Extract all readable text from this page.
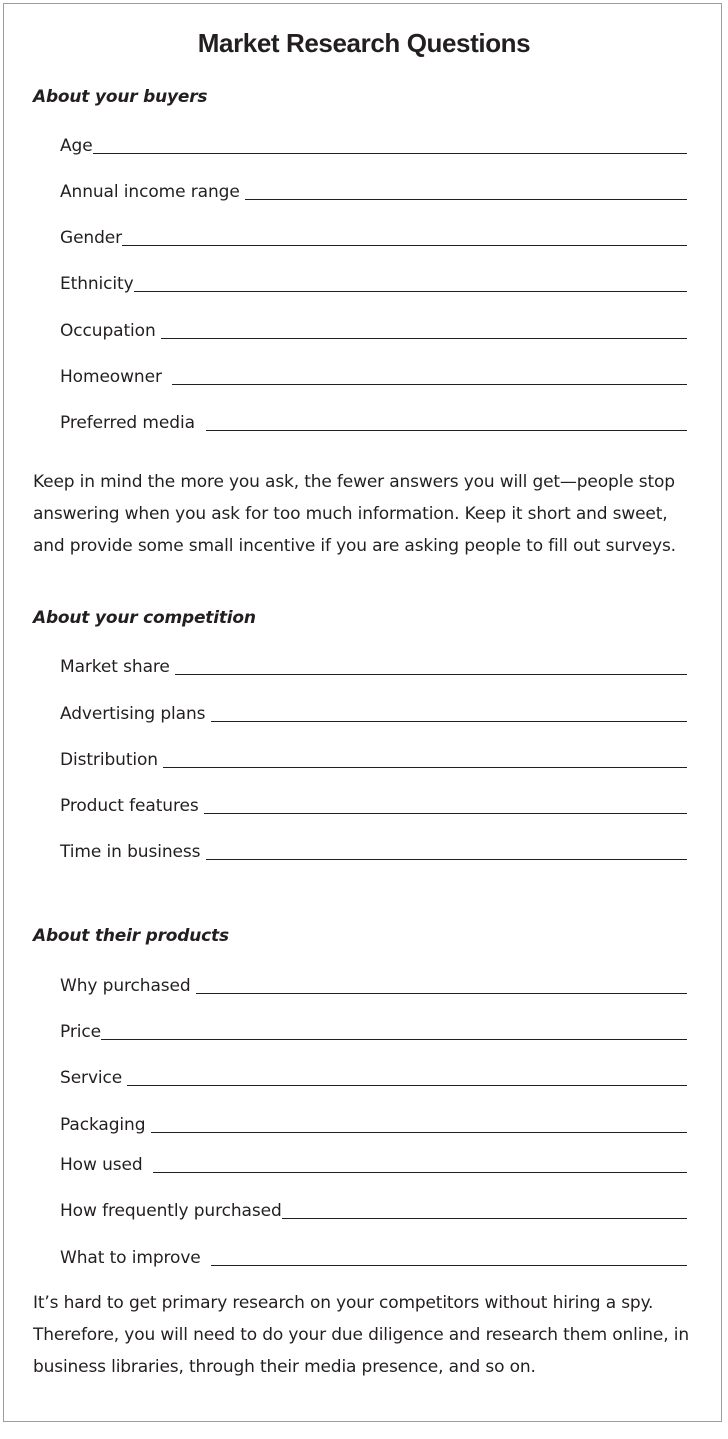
Market Research Questions
About your buyers
Age
Annual income range
Gender
Ethnicity
Occupation
Homeowner
Preferred media

Keep in mind the more you ask, the fewer answers you will get—people stop answering when you ask for too much information. Keep it short and sweet, and provide some small incentive if you are asking people to fill out surveys.

About your competition
Market share
Advertising plans
Distribution
Product features
Time in business
About their products
Why purchased
Price
Service
Packaging
How used
How frequently purchased
What to improve

It’s hard to get primary research on your competitors without hiring a spy. Therefore, you will need to do your due diligence and research them online, in business libraries, through their media presence, and so on.
